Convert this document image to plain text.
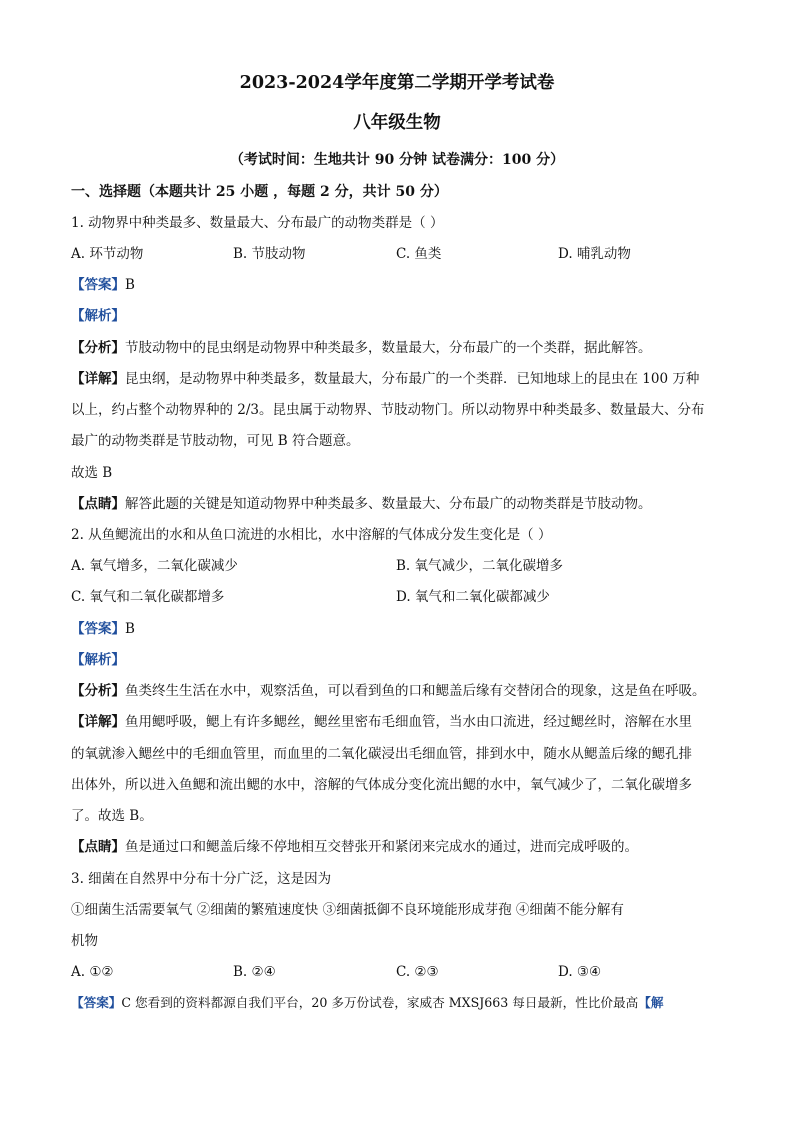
2023-2024学年度第二学期开学考试卷
八年级生物
（考试时间：生地共计 90 分钟 试卷满分：100 分）
一、选择题（本题共计 25 小题 ，每题 2 分，共计 50 分）
1. 动物界中种类最多、数量最大、分布最广的动物类群是（ ）
A. 环节动物	B. 节肢动物	C. 鱼类	D. 哺乳动物
【答案】B
【解析】
【分析】节肢动物中的昆虫纲是动物界中种类最多，数量最大，分布最广的一个类群，据此解答。
【详解】昆虫纲，是动物界中种类最多，数量最大，分布最广的一个类群．已知地球上的昆虫在 100 万种
以上，约占整个动物界种的 2/3。昆虫属于动物界、节肢动物门。所以动物界中种类最多、数量最大、分布
最广的动物类群是节肢动物，可见 B 符合题意。
故选 B
【点睛】解答此题的关键是知道动物界中种类最多、数量最大、分布最广的动物类群是节肢动物。
2. 从鱼鳃流出的水和从鱼口流进的水相比，水中溶解的气体成分发生变化是（ ）
A. 氧气增多，二氧化碳减少	B. 氧气减少，二氧化碳增多
C. 氧气和二氧化碳都增多	D. 氧气和二氧化碳都减少
【答案】B
【解析】
【分析】鱼类终生生活在水中，观察活鱼，可以看到鱼的口和鳃盖后缘有交替闭合的现象，这是鱼在呼吸。
【详解】鱼用鳃呼吸，鳃上有许多鳃丝，鳃丝里密布毛细血管，当水由口流进，经过鳃丝时，溶解在水里
的氧就渗入鳃丝中的毛细血管里，而血里的二氧化碳浸出毛细血管，排到水中，随水从鳃盖后缘的鳃孔排
出体外，所以进入鱼鳃和流出鳃的水中，溶解的气体成分变化流出鳃的水中，氧气减少了，二氧化碳增多
了。故选 B。
【点睛】鱼是通过口和鳃盖后缘不停地相互交替张开和紧闭来完成水的通过，进而完成呼吸的。
3. 细菌在自然界中分布十分广泛，这是因为
①细菌生活需要氧气 ②细菌的繁殖速度快 ③细菌抵御不良环境能形成芽孢 ④细菌不能分解有
机物
A. ①②	B. ②④	C. ②③	D. ③④
【答案】C 您看到的资料都源自我们平台，20 多万份试卷，家威杏 MXSJ663 每日最新，性比价最高【解
